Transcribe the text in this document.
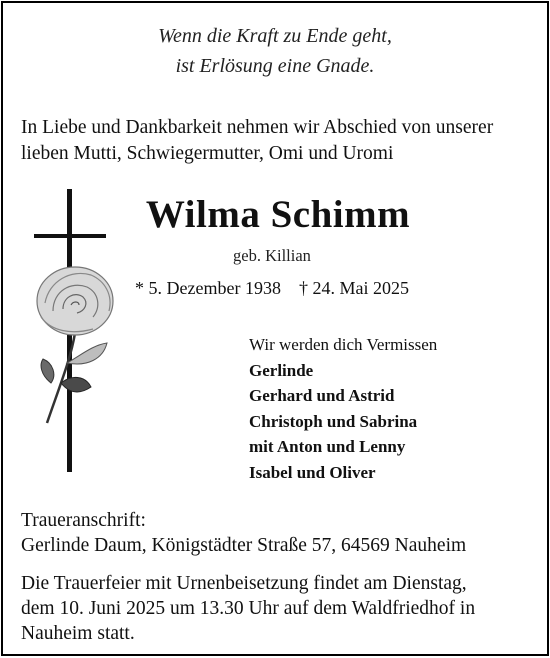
Wenn die Kraft zu Ende geht,
ist Erlösung eine Gnade.
In Liebe und Dankbarkeit nehmen wir Abschied von unserer
lieben Mutti, Schwiegermutter, Omi und Uromi
Wilma Schimm
geb. Killian
* 5. Dezember 1938 † 24. Mai 2025
Wir werden dich Vermissen
Gerlinde
Gerhard und Astrid
Christoph und Sabrina
mit Anton und Lenny
Isabel und Oliver
Traueranschrift:
Gerlinde Daum, Königstädter Straße 57, 64569 Nauheim
Die Trauerfeier mit Urnenbeisetzung findet am Dienstag,
dem 10. Juni 2025 um 13.30 Uhr auf dem Waldfriedhof in
Nauheim statt.
